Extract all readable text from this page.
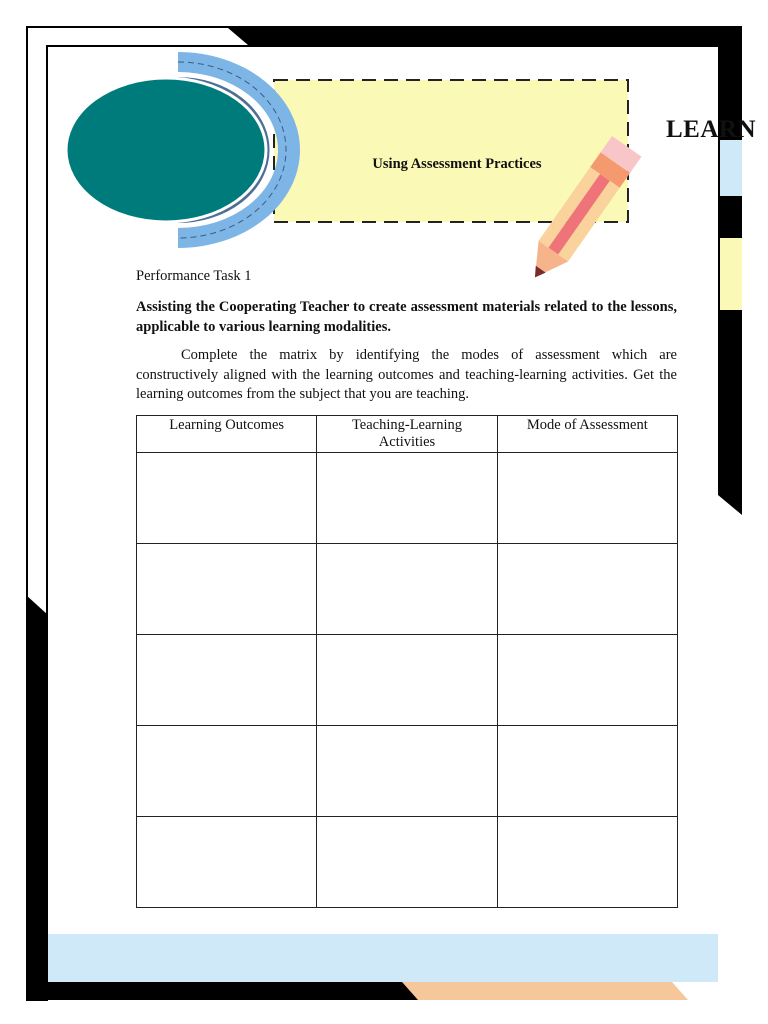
LEARN
Using Assessment Practices
Performance Task 1
Assisting the Cooperating Teacher to create assessment materials related to the lessons, applicable to various learning modalities.
Complete the matrix by identifying the modes of assessment which are constructively aligned with the learning outcomes and teaching-learning activities. Get the learning outcomes from the subject that you are teaching.
Learning Outcomes	Teaching-Learning Activities	Mode of Assessment
